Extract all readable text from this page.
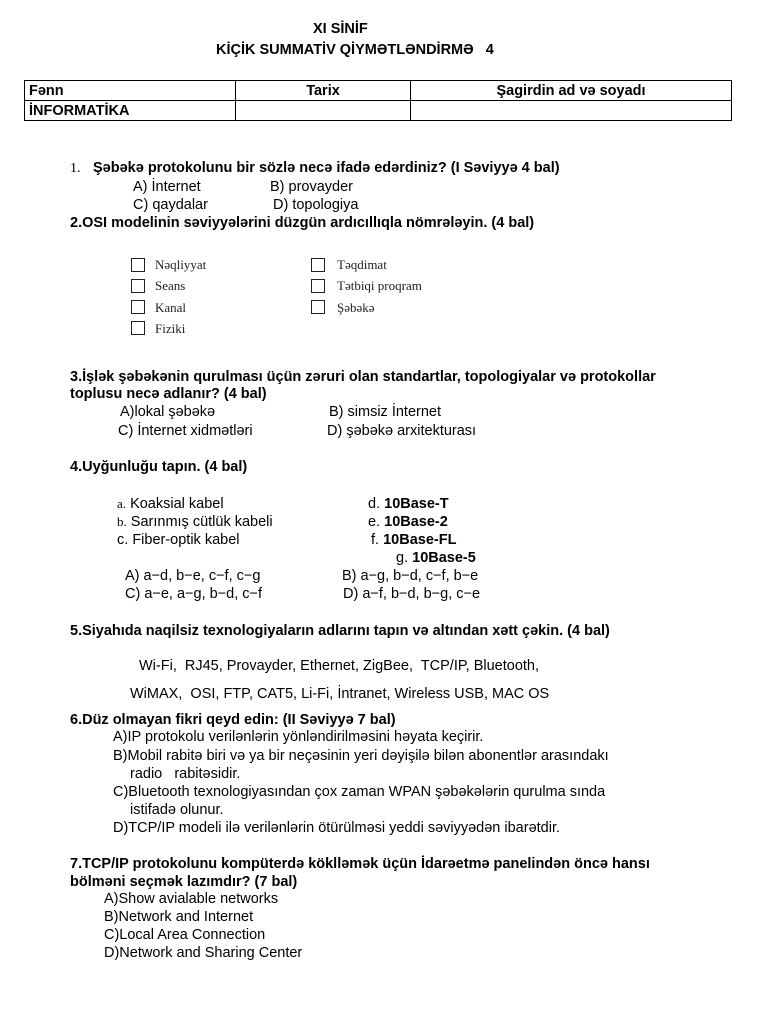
XI SİNİF
KİÇİK SUMMATİV QİYMƏTLƏNDİRMƏ   4
Fənn	Tarix	Şagirdin ad və soyadı
İNFORMATİKA		
1. Şəbəkə protokolunu bir sözlə necə ifadə edərdiniz? (I Səviyyə 4 bal)
A) İnternet	B) provayder
C) qaydalar	D) topologiya
2.OSI modelinin səviyyələrini düzgün ardıcıllıqla nömrələyin. (4 bal)
Nəqliyyat
Seans
Kanal
Fiziki
Təqdimat
Tətbiqi proqram
Şəbəkə
3.İşlək şəbəkənin qurulması üçün zəruri olan standartlar, topologiyalar və protokollar
toplusu necə adlanır? (4 bal)
A)lokal şəbəkə	B) simsiz İnternet
C) İnternet xidmətləri	D) şəbəkə arxitekturası
4.Uyğunluğu tapın. (4 bal)
a. Koaksial kabel
b. Sarınmış cütlük kabeli
c. Fiber-optik kabel
d. 10Base-T
e. 10Base-2
f. 10Base-FL
g. 10Base-5
A) a−d, b−e, c−f, c−g	B) a−g, b−d, c−f, b−e
C) a−e, a−g, b−d, c−f	D) a−f, b−d, b−g, c−e
5.Siyahıda naqilsiz texnologiyaların adlarını tapın və altından xətt çəkin. (4 bal)
Wi-Fi,  RJ45, Provayder, Ethernet, ZigBee,  TCP/IP, Bluetooth,
WiMAX,  OSI, FTP, CAT5, Li-Fi, İntranet, Wireless USB, MAC OS
6.Düz olmayan fikri qeyd edin: (II Səviyyə 7 bal)
A)IP protokolu verilənlərin yönləndirilməsini həyata keçirir.
B)Mobil rabitə biri və ya bir neçəsinin yeri dəyişilə bilən abonentlər arasındakı
radio   rabitəsidir.
C)Bluetooth texnologiyasından çox zaman WPAN şəbəkələrin qurulma sında
istifadə olunur.
D)TCP/IP modeli ilə verilənlərin ötürülməsi yeddi səviyyədən ibarətdir.
7.TCP/IP protokolunu kompüterdə köklləmək üçün İdarəetmə panelindən öncə hansı
bölməni seçmək lazımdır? (7 bal)
A)Show avialable networks
B)Network and Internet
C)Local Area Connection
D)Network and Sharing Center
